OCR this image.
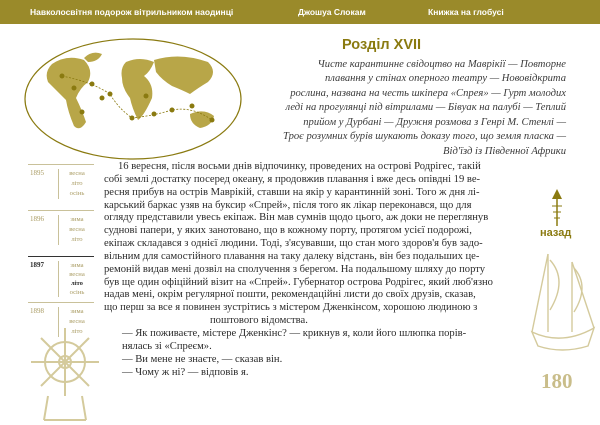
Навколосвітня подорож вітрильником наодинці	Джошуа Слокам	Книжка на глобусі
Розділ XVII
Чисте карантинне свідоцтво на Маврікії — Повторне
плавання у стінах оперного театру — Нововідкрита
рослина, названа на честь шкіпера «Спрея» — Гурт молодих
леді на прогулянці під вітрилами — Бівуак на палубі — Теплий
прийом у Дурбані — Дружня розмова з Генрі М. Стенлі —
Троє розумних бурів шукають доказу того, що земля пласка —
Від'їзд із Південної Африки
1895	весна
літо
осінь
1896	зима
весна
літо
1897	зима
весна
літо
осінь
1898	зима
весна
літо
16 вересня, після восьми днів відпочинку, проведених на острові Родрігес, такій
собі землі достатку посеред океану, я продовжив плавання і вже десь опівдні 19 ве-
ресня прибув на острів Маврікій, ставши на якір у карантинній зоні. Того ж дня лі-
карський баркас узяв на буксир «Спрей», після того як лікар переконався, що для
огляду представили увесь екіпаж. Він мав сумнів щодо цього, аж доки не переглянув
суднові папери, у яких занотовано, що в кожному порту, протягом усієї подорожі,
екіпаж складався з однієї людини. Тоді, з'ясувавши, що стан мого здоров'я був задо-
вільним для самостійного плавання на таку далеку відстань, він без подальших це-
ремоній видав мені дозвіл на сполучення з берегом. На подальшому шляху до порту
був ще один офіційний візит на «Спрей». Губернатор острова Родрігес, який люб'язно
надав мені, окрім регулярної пошти, рекомендаційні листи до своїх друзів, сказав,
що перш за все я повинен зустрітись з містером Дженкінсом, хорошою людиною з
поштового відомства.
— Як поживаєте, містере Дженкінс? — крикнув я, коли його шлюпка порів-
нялась зі «Спреєм».
— Ви мене не знаєте, — сказав він.
— Чому ж ні? — відповів я.
назад
180
